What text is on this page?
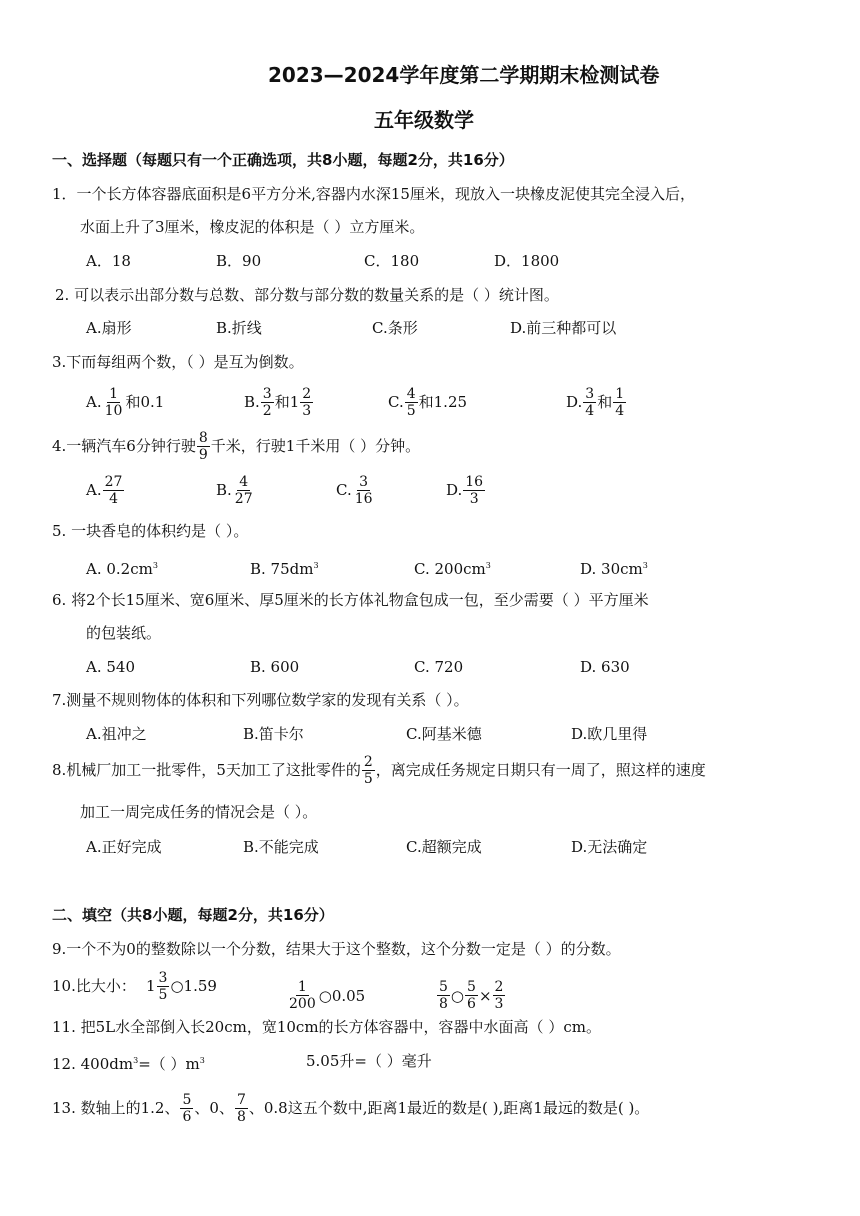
2023—2024学年度第二学期期末检测试卷
五年级数学
一、选择题（每题只有一个正确选项，共8小题，每题2分，共16分）
1．一个长方体容器底面积是6平方分米,容器内水深15厘米，现放入一块橡皮泥使其完全浸入后，
水面上升了3厘米，橡皮泥的体积是（ ）立方厘米。
A．18	B．90	C．180	D．1800
2. 可以表示出部分数与总数、部分数与部分数的数量关系的是（ ）统计图。
A.扇形	B.折线	C.条形	D.前三种都可以
3.下而每组两个数，（ ）是互为倒数。
A. $\frac{1}{10}$ 和0.1	B. $\frac{3}{2}$ 和$1 \frac{2}{3}$	C. $\frac{4}{5}$ 和1.25	D. $\frac{3}{4}$ 和 $\frac{1}{4}$
4.一辆汽车6分钟行驶 $\frac{8}{9}$ 千米，行驶1千米用（ ）分钟。
A. $\frac{27}{4}$	B. $\frac{4}{27}$	C. $\frac{3}{16}$	D. $\frac{16}{3}$
5. 一块香皂的体积约是（ ）。
A. $0.2cm^3$	B. $75dm^3$	C. $200cm^3$	D. $30cm^3$
6. 将2个长15厘米、宽6厘米、厚5厘米的长方体礼物盒包成一包，至少需要（ ）平方厘米
的包装纸。
A. 540	B. 600	C. 720	D. 630
7.测量不规则物体的体积和下列哪位数学家的发现有关系（ ）。
A.祖冲之	B.笛卡尔	C.阿基米德	D.欧几里得
8.机械厂加工一批零件，5天加工了这批零件的 $\frac{2}{5}$ ，离完成任务规定日期只有一周了，照这样的速度
加工一周完成任务的情况会是（ ）。
A.正好完成	B.不能完成	C.超额完成	D.无法确定
二、填空（共8小题，每题2分，共16分）
9.一个不为0的整数除以一个分数，结果大于这个整数，这个分数一定是（ ）的分数。
10.比大小： $1 \frac{3}{5}$ ○1.59	$\frac{1}{200}$ ○0.05	$\frac{5}{8}$ ○ $\frac{5}{6} \times \frac{2}{3}$
11. 把5L水全部倒入长20cm，宽10cm的长方体容器中，容器中水面高（ ）cm。
12. $400dm^3=$（ ）$m^3$	5.05升=（ ）毫升
13. 数轴上的1.2、 $\frac{5}{6}$ 、0、 $\frac{7}{8}$ 、0.8这五个数中,距离1最近的数是( ),距离1最远的数是( )。
